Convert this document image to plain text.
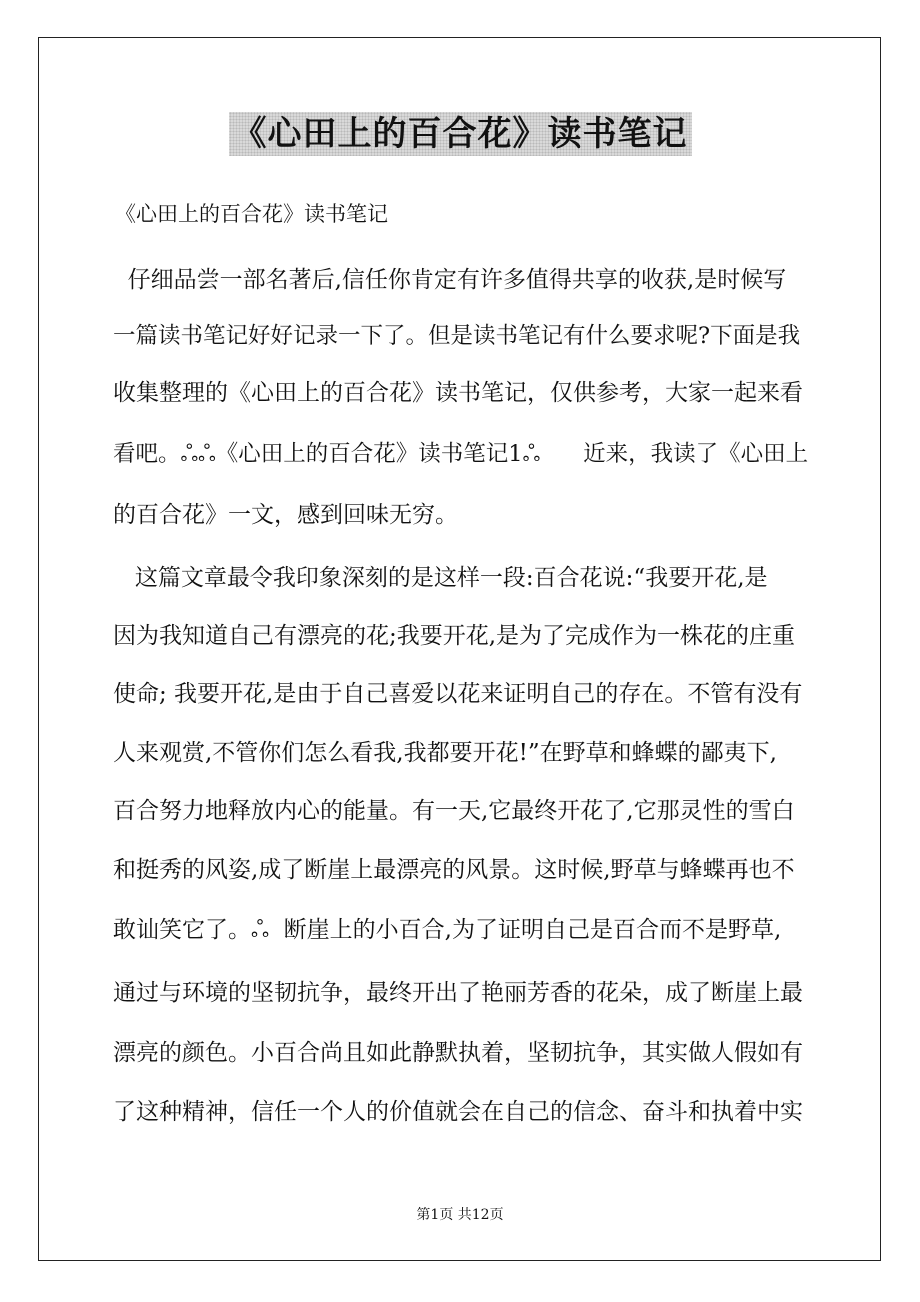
《心田上的百合花》读书笔记
《心田上的百合花》读书笔记
仔细品尝一部名著后,信任你肯定有许多值得共享的收获,是时候写
一篇读书笔记好好记录一下了。但是读书笔记有什么要求呢?下面是我
收集整理的《心田上的百合花》读书笔记，仅供参考，大家一起来看
看吧。ஃஃ《心田上的百合花》读书笔记1ஃ      近来，我读了《心田上
的百合花》一文，感到回味无穷。
这篇文章最令我印象深刻的是这样一段:百合花说:“我要开花,是
因为我知道自己有漂亮的花;我要开花,是为了完成作为一株花的庄重
使命; 我要开花,是由于自己喜爱以花来证明自己的存在。不管有没有
人来观赏,不管你们怎么看我,我都要开花!”在野草和蜂蝶的鄙夷下,
百合努力地释放内心的能量。有一天,它最终开花了,它那灵性的雪白
和挺秀的风姿,成了断崖上最漂亮的风景。这时候,野草与蜂蝶再也不
敢讪笑它了。ஃ  断崖上的小百合,为了证明自己是百合而不是野草,
通过与环境的坚韧抗争，最终开出了艳丽芳香的花朵，成了断崖上最
漂亮的颜色。小百合尚且如此静默执着，坚韧抗争，其实做人假如有
了这种精神，信任一个人的价值就会在自己的信念、奋斗和执着中实
第1页 共12页
